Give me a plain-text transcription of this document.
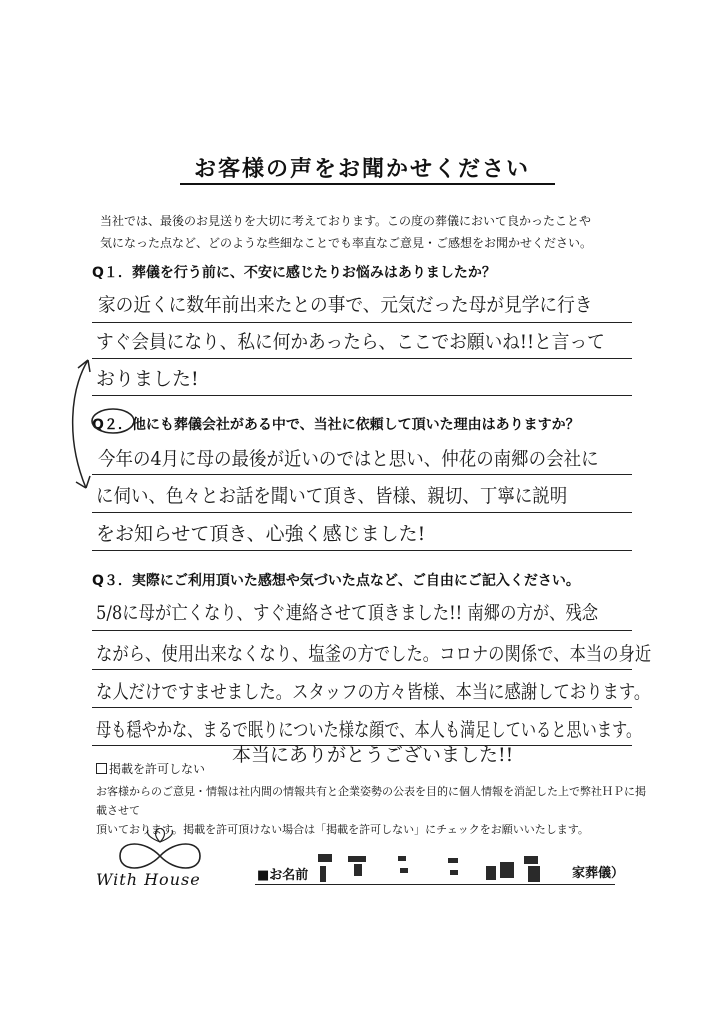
お客様の声をお聞かせください
当社では、最後のお見送りを大切に考えております。この度の葬儀において良かったことや
気になった点など、どのような些細なことでも率直なご意見・ご感想をお聞かせください。
Q１．葬儀を行う前に、不安に感じたりお悩みはありましたか？
家の近くに数年前出来たとの事で、元気だった母が見学に行き
すぐ会員になり、私に何かあったら、ここでお願いね!!と言って
おりました!
Q２．他にも葬儀会社がある中で、当社に依頼して頂いた理由はありますか？
今年の4月に母の最後が近いのではと思い、仲花の南郷の会社に
に伺い、色々とお話を聞いて頂き、皆様、親切、丁寧に説明
をお知らせて頂き、心強く感じました!
Q３．実際にご利用頂いた感想や気づいた点など、ご自由にご記入ください。
5/8に母が亡くなり、すぐ連絡させて頂きました!! 南郷の方が、残念
ながら、使用出来なくなり、塩釜の方でした。コロナの関係で、本当の身近
な人だけですませました。スタッフの方々皆様、本当に感謝しております。
母も穏やかな、まるで眠りについた様な顔で、本人も満足していると思います。
本当にありがとうございました!!
掲載を許可しない
お客様からのご意見・情報は社内間の情報共有と企業姿勢の公表を目的に個人情報を消記した上で弊社ＨＰに掲載させて
頂いております。掲載を許可頂けない場合は「掲載を許可しない」にチェックをお願いいたします。
With House	■お名前	家葬儀）
